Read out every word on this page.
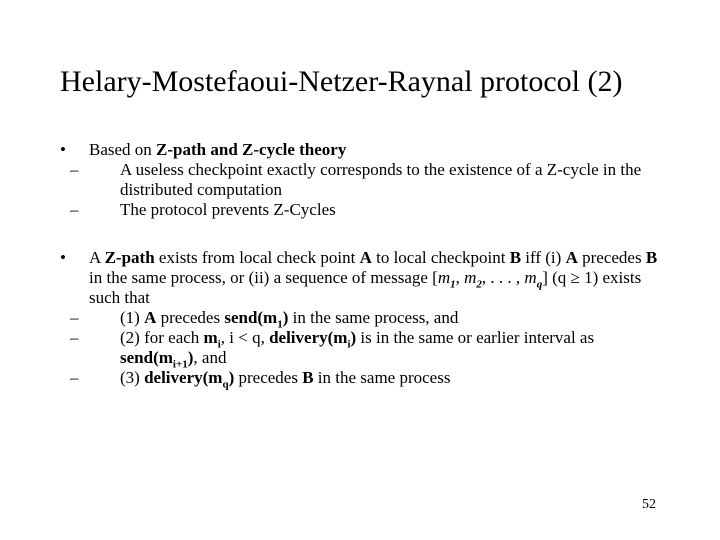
Helary-Mostefaoui-Netzer-Raynal protocol (2)
•	Based on Z-path and Z-cycle theory
– A useless checkpoint exactly corresponds to the existence of a Z-cycle in the distributed computation
– The protocol prevents Z-Cycles
•	A Z-path exists from local check point A to local checkpoint B iff (i) A precedes B in the same process, or (ii) a sequence of message [$m_1$, $m_2$, . . . , $m_q$] (q ≥ 1) exists such that
– (1) A precedes $send(m_1)$ in the same process, and
– (2) for each $m_i$, i < q, $delivery(m_i)$ is in the same or earlier interval as $send(m_{i+1})$, and
– (3) $delivery(m_q)$ precedes B in the same process
52
